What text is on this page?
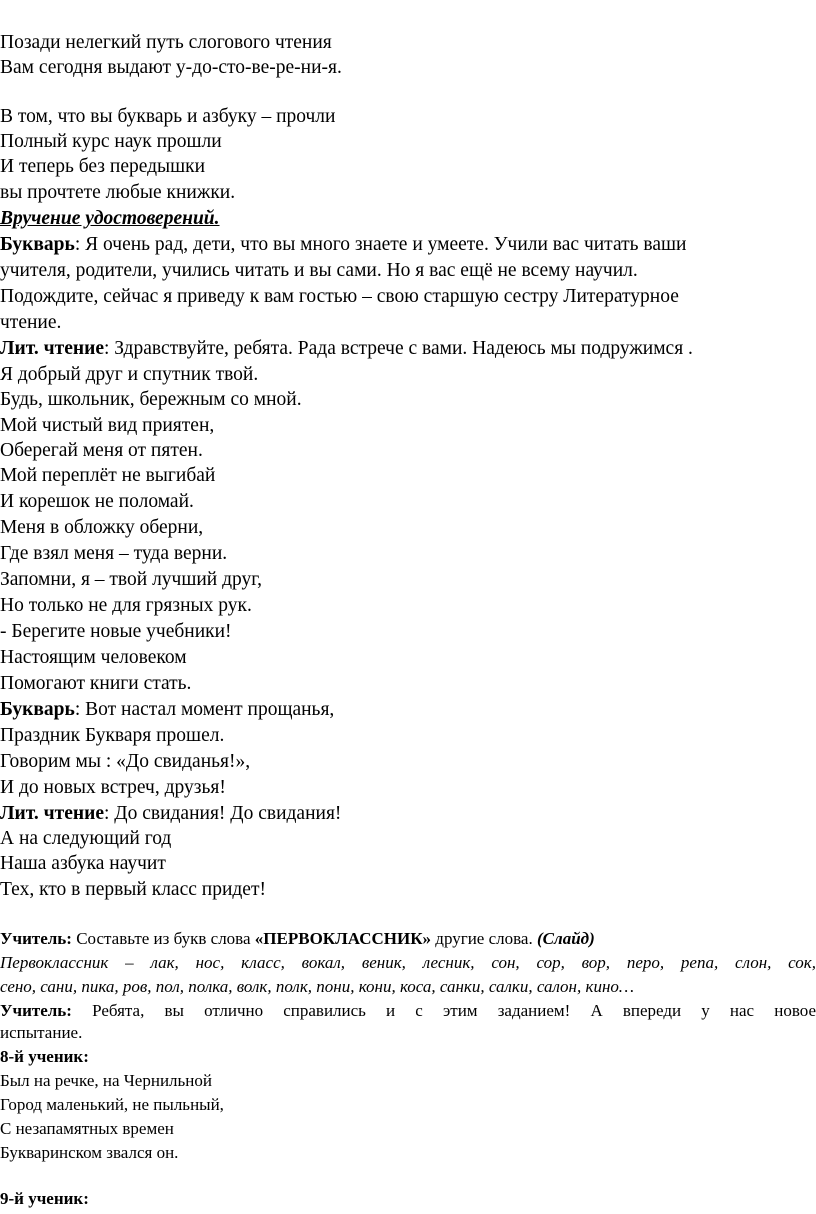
Позади нелегкий путь слогового чтения

Вам сегодня выдают у-до-сто-ве-ре-ни-я.

В том, что вы букварь и азбуку – прочли

Полный курс наук прошли

И теперь без передышки

вы прочтете любые книжки.

Вручение удостоверений.

Букварь: Я очень рад, дети, что вы много знаете и умеете. Учили вас читать ваши

учителя, родители, учились читать и вы сами. Но я вас ещё не всему научил.

Подождите, сейчас я приведу к вам гостью – свою старшую сестру Литературное

чтение.

Лит. чтение: Здравствуйте, ребята. Рада встрече с вами. Надеюсь мы подружимся .

Я добрый друг и спутник твой.

Будь, школьник, бережным со мной.

Мой чистый вид приятен,

Оберегай меня от пятен.

Мой переплёт не выгибай

И корешок не поломай.

Меня в обложку оберни,

Где взял меня – туда верни.

Запомни, я – твой лучший друг,

Но только не для грязных рук.

- Берегите новые учебники!

Настоящим человеком

Помогают книги стать.

Букварь: Вот настал момент прощанья,

Праздник Букваря прошел.

Говорим мы : «До свиданья!»,

И до новых встреч, друзья!

Лит. чтение: До свидания! До свидания!

А на следующий год

Наша азбука научит

Тех, кто в первый класс придет!

Учитель: Составьте из букв слова «ПЕРВОКЛАССНИК» другие слова. (Слайд)

Первоклассник – лак, нос, класс, вокал, веник, лесник, сон, сор, вор, перо, репа, слон, сок,

сено, сани, пика, ров, пол, полка, волк, полк, пони, кони, коса, санки, салки, салон, кино…

Учитель: Ребята, вы отлично справились и с этим заданием! А впереди у нас новое

испытание.

8-й ученик:

Был на речке, на Чернильной

Город маленький, не пыльный,

С незапамятных времен

Букваринском звался он.

9-й ученик:
